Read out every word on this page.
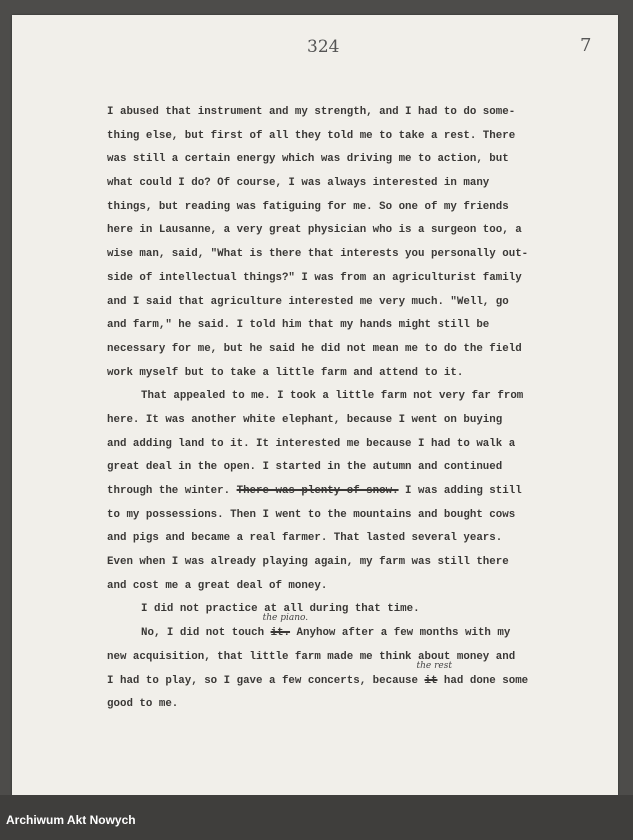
324	7
I abused that instrument and my strength, and I had to do some-
thing else, but first of all they told me to take a rest. There
was still a certain energy which was driving me to action, but
what could I do? Of course, I was always interested in many
things, but reading was fatiguing for me. So one of my friends
here in Lausanne, a very great physician who is a surgeon too, a
wise man, said, "What is there that interests you personally out-
side of intellectual things?" I was from an agriculturist family
and I said that agriculture interested me very much. "Well, go
and farm," he said. I told him that my hands might still be
necessary for me, but he said he did not mean me to do the field
work myself but to take a little farm and attend to it.
That appealed to me. I took a little farm not very far from
here. It was another white elephant, because I went on buying
and adding land to it. It interested me because I had to walk a
great deal in the open. I started in the autumn and continued
through the winter. There was plenty of snow. I was adding still
to my possessions. Then I went to the mountains and bought cows
and pigs and became a real farmer. That lasted several years.
Even when I was already playing again, my farm was still there
and cost me a great deal of money.
I did not practice at all during that time.
No, I did not touch
the piano.
it. Anyhow after a few months with my
new acquisition, that little farm made me think about money and
I had to play, so I gave a few concerts, because
the rest
it had done some
good to me.
Archiwum Akt Nowych
